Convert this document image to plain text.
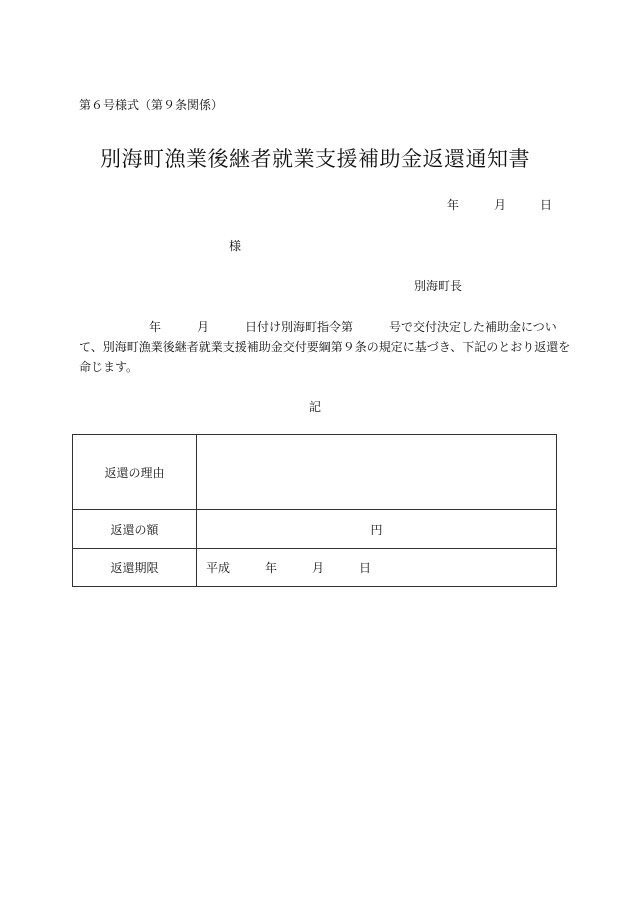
第６号様式（第９条関係）
別海町漁業後継者就業支援補助金返還通知書
年	月	日
様
別海町長
年	月	日付け別海町指令第	号で交付決定した補助金につい
て、別海町漁業後継者就業支援補助金交付要綱第９条の規定に基づき、下記のとおり返還を
命じます。
記
返還の理由	
返還の額	円
返還期限	平成 年 月 日
